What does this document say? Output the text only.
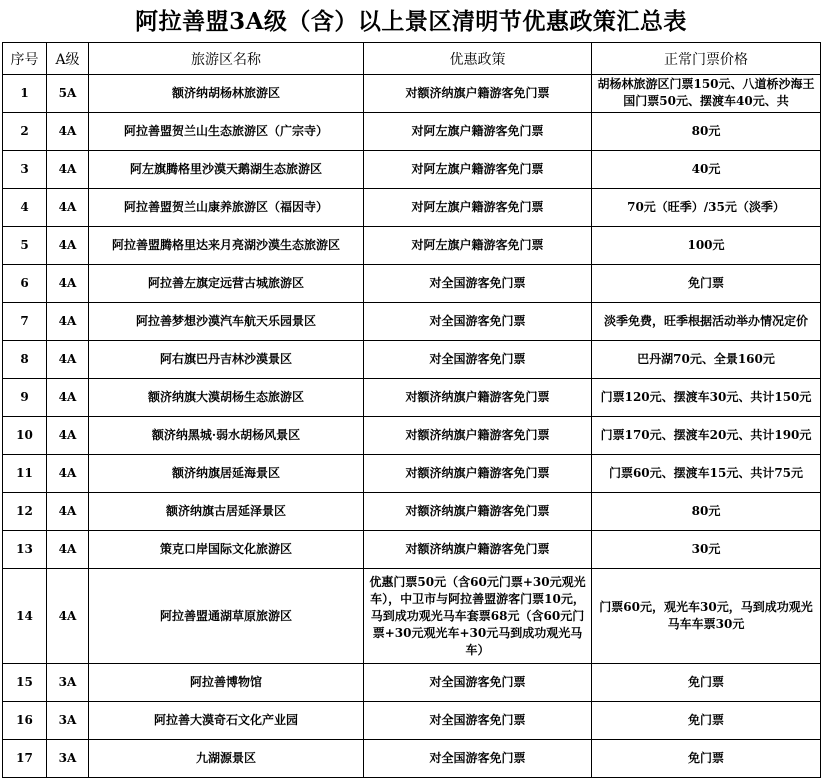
阿拉善盟3A级（含）以上景区清明节优惠政策汇总表
序号	A级	旅游区名称	优惠政策	正常门票价格
1	5A	额济纳胡杨林旅游区	对额济纳旗户籍游客免门票	胡杨林旅游区门票150元、八道桥沙海王国门票50元、摆渡车40元、共

2	4A	阿拉善盟贺兰山生态旅游区（广宗寺）	对阿左旗户籍游客免门票	80元
3	4A	阿左旗腾格里沙漠天鹅湖生态旅游区	对阿左旗户籍游客免门票	40元
4	4A	阿拉善盟贺兰山康养旅游区（福因寺）	对阿左旗户籍游客免门票	70元（旺季）/35元（淡季）
5	4A	阿拉善盟腾格里达来月亮湖沙漠生态旅游区	对阿左旗户籍游客免门票	100元
6	4A	阿拉善左旗定远营古城旅游区	对全国游客免门票	免门票
7	4A	阿拉善梦想沙漠汽车航天乐园景区	对全国游客免门票	淡季免费，旺季根据活动举办情况定价
8	4A	阿右旗巴丹吉林沙漠景区	对全国游客免门票	巴丹湖70元、全景160元
9	4A	额济纳旗大漠胡杨生态旅游区	对额济纳旗户籍游客免门票	门票120元、摆渡车30元、共计150元
10	4A	额济纳黑城·弱水胡杨风景区	对额济纳旗户籍游客免门票	门票170元、摆渡车20元、共计190元
11	4A	额济纳旗居延海景区	对额济纳旗户籍游客免门票	门票60元、摆渡车15元、共计75元
12	4A	额济纳旗古居延泽景区	对额济纳旗户籍游客免门票	80元
13	4A	策克口岸国际文化旅游区	对额济纳旗户籍游客免门票	30元
14	4A	阿拉善盟通湖草原旅游区	优惠门票50元（含60元门票+30元观光车），中卫市与阿拉善盟游客门票10元，马到成功观光马车套票68元（含60元门票+30元观光车+30元马到成功观光马车）	门票60元，观光车30元，马到成功观光马车车票30元
15	3A	阿拉善博物馆	对全国游客免门票	免门票
16	3A	阿拉善大漠奇石文化产业园	对全国游客免门票	免门票
17	3A	九湖源景区	对全国游客免门票	免门票
